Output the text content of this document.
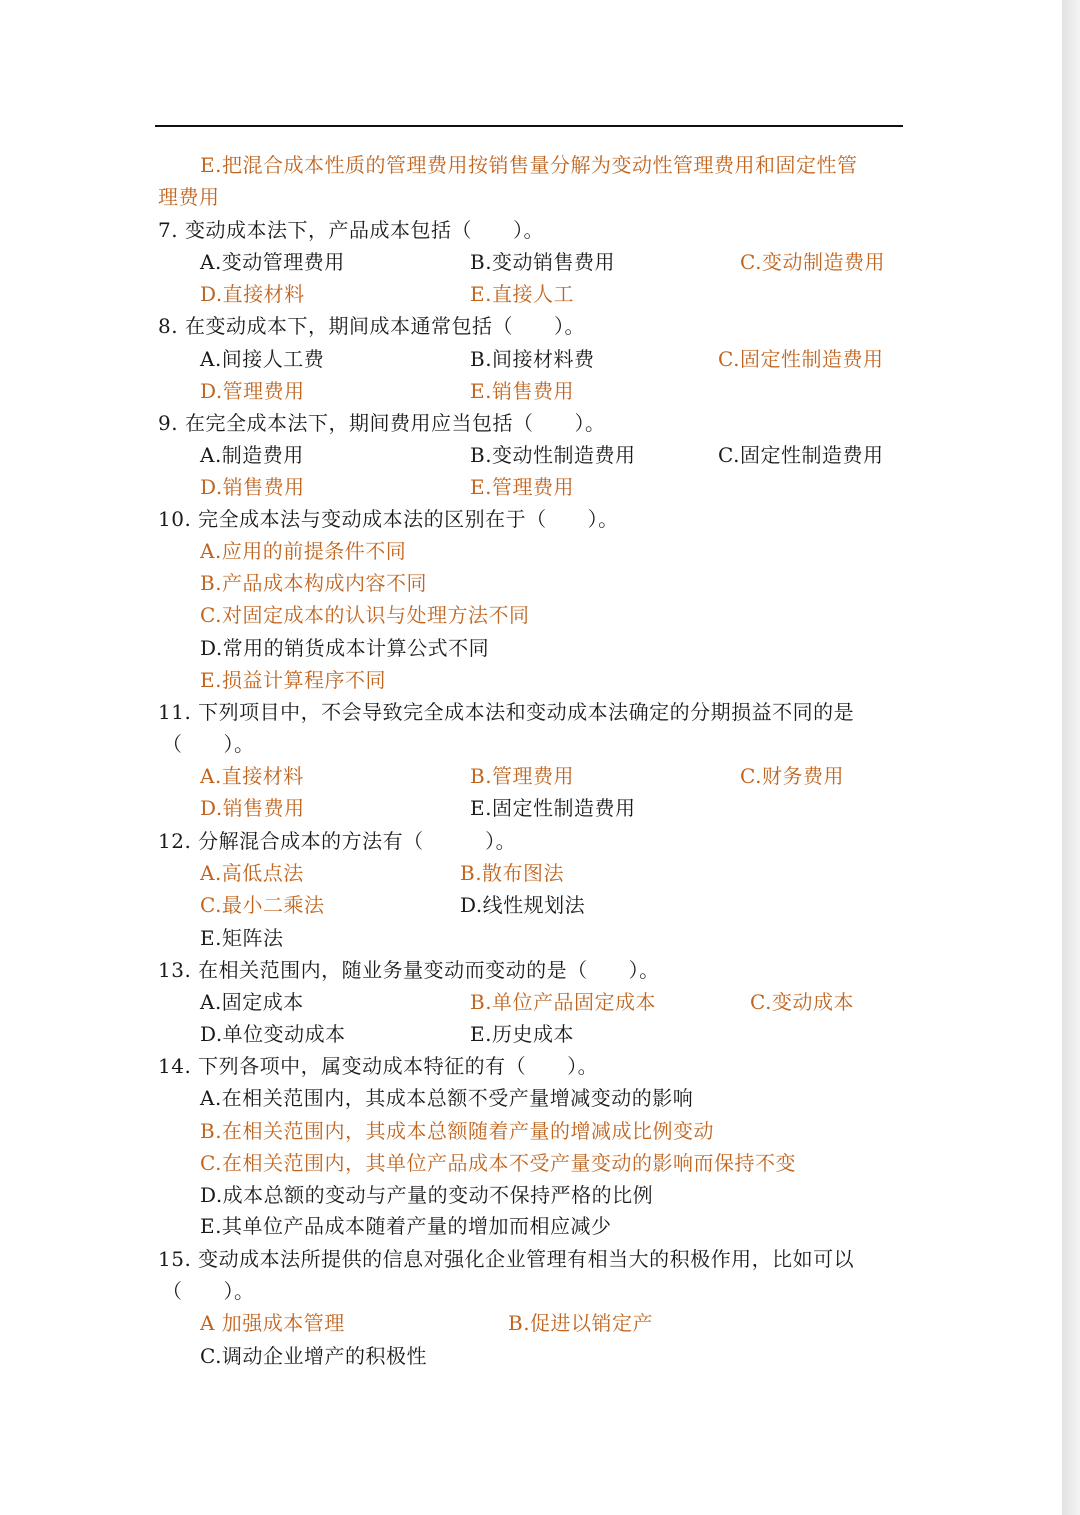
E.把混合成本性质的管理费用按销售量分解为变动性管理费用和固定性管
理费用
7. 变动成本法下，产品成本包括（　　）。
A.变动管理费用	B.变动销售费用	C.变动制造费用
D.直接材料	E.直接人工
8. 在变动成本下，期间成本通常包括（　　）。
A.间接人工费	B.间接材料费	C.固定性制造费用
D.管理费用	E.销售费用
9. 在完全成本法下，期间费用应当包括（　　）。
A.制造费用	B.变动性制造费用	C.固定性制造费用
D.销售费用	E.管理费用
10. 完全成本法与变动成本法的区别在于（　　）。
A.应用的前提条件不同
B.产品成本构成内容不同
C.对固定成本的认识与处理方法不同
D.常用的销货成本计算公式不同
E.损益计算程序不同
11. 下列项目中，不会导致完全成本法和变动成本法确定的分期损益不同的是
（　　）。
A.直接材料	B.管理费用	C.财务费用
D.销售费用	E.固定性制造费用
12. 分解混合成本的方法有（　　　）。
A.高低点法	B.散布图法
C.最小二乘法	D.线性规划法
E.矩阵法
13. 在相关范围内，随业务量变动而变动的是（　　）。
A.固定成本	B.单位产品固定成本	C.变动成本
D.单位变动成本	E.历史成本
14. 下列各项中，属变动成本特征的有（　　）。
A.在相关范围内，其成本总额不受产量增减变动的影响
B.在相关范围内，其成本总额随着产量的增减成比例变动
C.在相关范围内，其单位产品成本不受产量变动的影响而保持不变
D.成本总额的变动与产量的变动不保持严格的比例
E.其单位产品成本随着产量的增加而相应减少
15. 变动成本法所提供的信息对强化企业管理有相当大的积极作用，比如可以
（　　）。
A 加强成本管理	B.促进以销定产
C.调动企业增产的积极性
